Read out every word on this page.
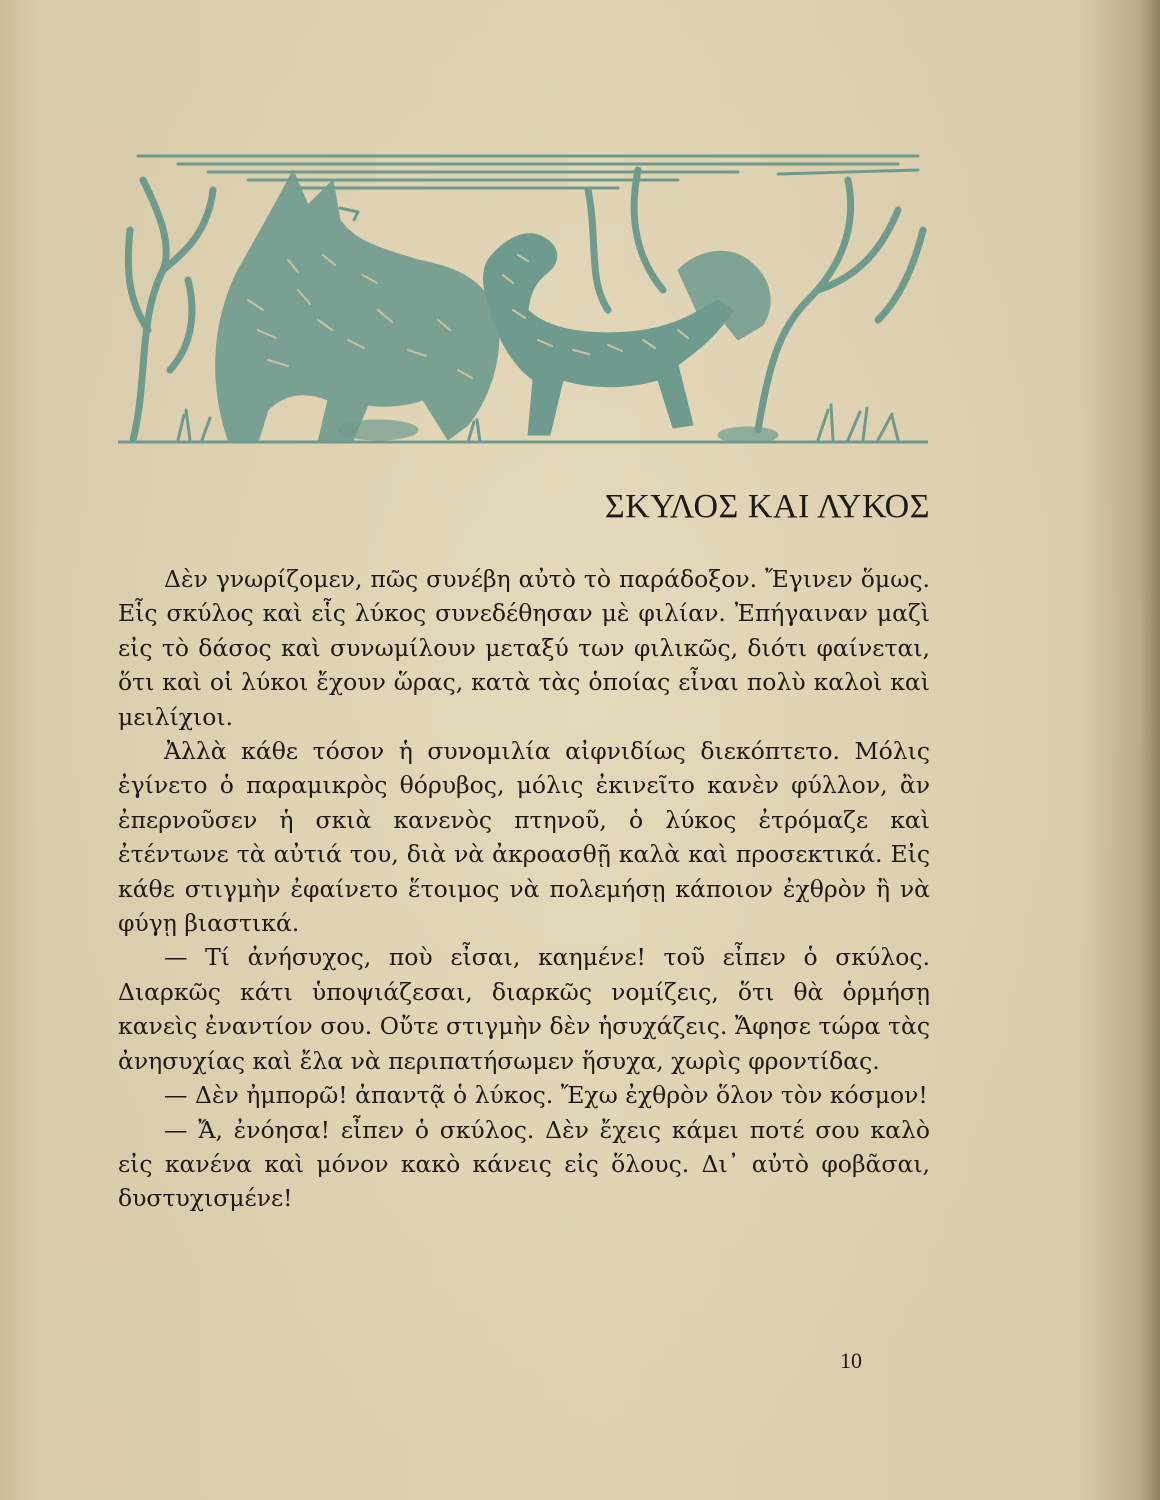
ΣΚΥΛΟΣ ΚΑΙ ΛΥΚΟΣ

Δὲν γνωρίζομεν, πῶς συνέβη αὐτὸ τὸ παράδοξον. Ἔγινεν ὅμως. Εἷς σκύλος καὶ εἷς λύκος συνεδέθησαν μὲ φιλίαν. Ἐπήγαιναν μαζὶ εἰς τὸ δάσος καὶ συνωμίλουν μεταξύ των φιλικῶς, διότι φαίνεται, ὅτι καὶ οἱ λύκοι ἔχουν ὥρας, κατὰ τὰς ὁποίας εἶναι πολὺ καλοὶ καὶ μειλίχιοι.

Ἀλλὰ κάθε τόσον ἡ συνομιλία αἰφνιδίως διεκόπτετο. Μόλις ἐγίνετο ὁ παραμικρὸς θόρυβος, μόλις ἐκινεῖτο κανὲν φύλλον, ἂν ἐπερνοῦσεν ἡ σκιὰ κανενὸς πτηνοῦ, ὁ λύκος ἐτρόμαζε καὶ ἐτέντωνε τὰ αὐτιά του, διὰ νὰ ἀκροασθῇ καλὰ καὶ προσεκτικά. Εἰς κάθε στιγμὴν ἐφαίνετο ἕτοιμος νὰ πολεμήσῃ κάποιον ἐχθρὸν ἢ νὰ φύγῃ βιαστικά.

— Τί ἀνήσυχος, ποὺ εἶσαι, καημένε! τοῦ εἶπεν ὁ σκύλος. Διαρκῶς κάτι ὑποψιάζεσαι, διαρκῶς νομίζεις, ὅτι θὰ ὁρμήσῃ κανεὶς ἐναντίον σου. Οὔτε στιγμὴν δὲν ἡσυχάζεις. Ἄφησε τώρα τὰς ἀνησυχίας καὶ ἔλα νὰ περιπατήσωμεν ἥσυχα, χωρὶς φροντίδας.

— Δὲν ἠμπορῶ! ἀπαντᾷ ὁ λύκος. Ἔχω ἐχθρὸν ὅλον τὸν κόσμον!

— Ἄ, ἐνόησα! εἶπεν ὁ σκύλος. Δὲν ἔχεις κάμει ποτέ σου καλὸ εἰς κανένα καὶ μόνον κακὸ κάνεις εἰς ὅλους. Δι᾽ αὐτὸ φοβᾶσαι, δυστυχισμένε!

10
